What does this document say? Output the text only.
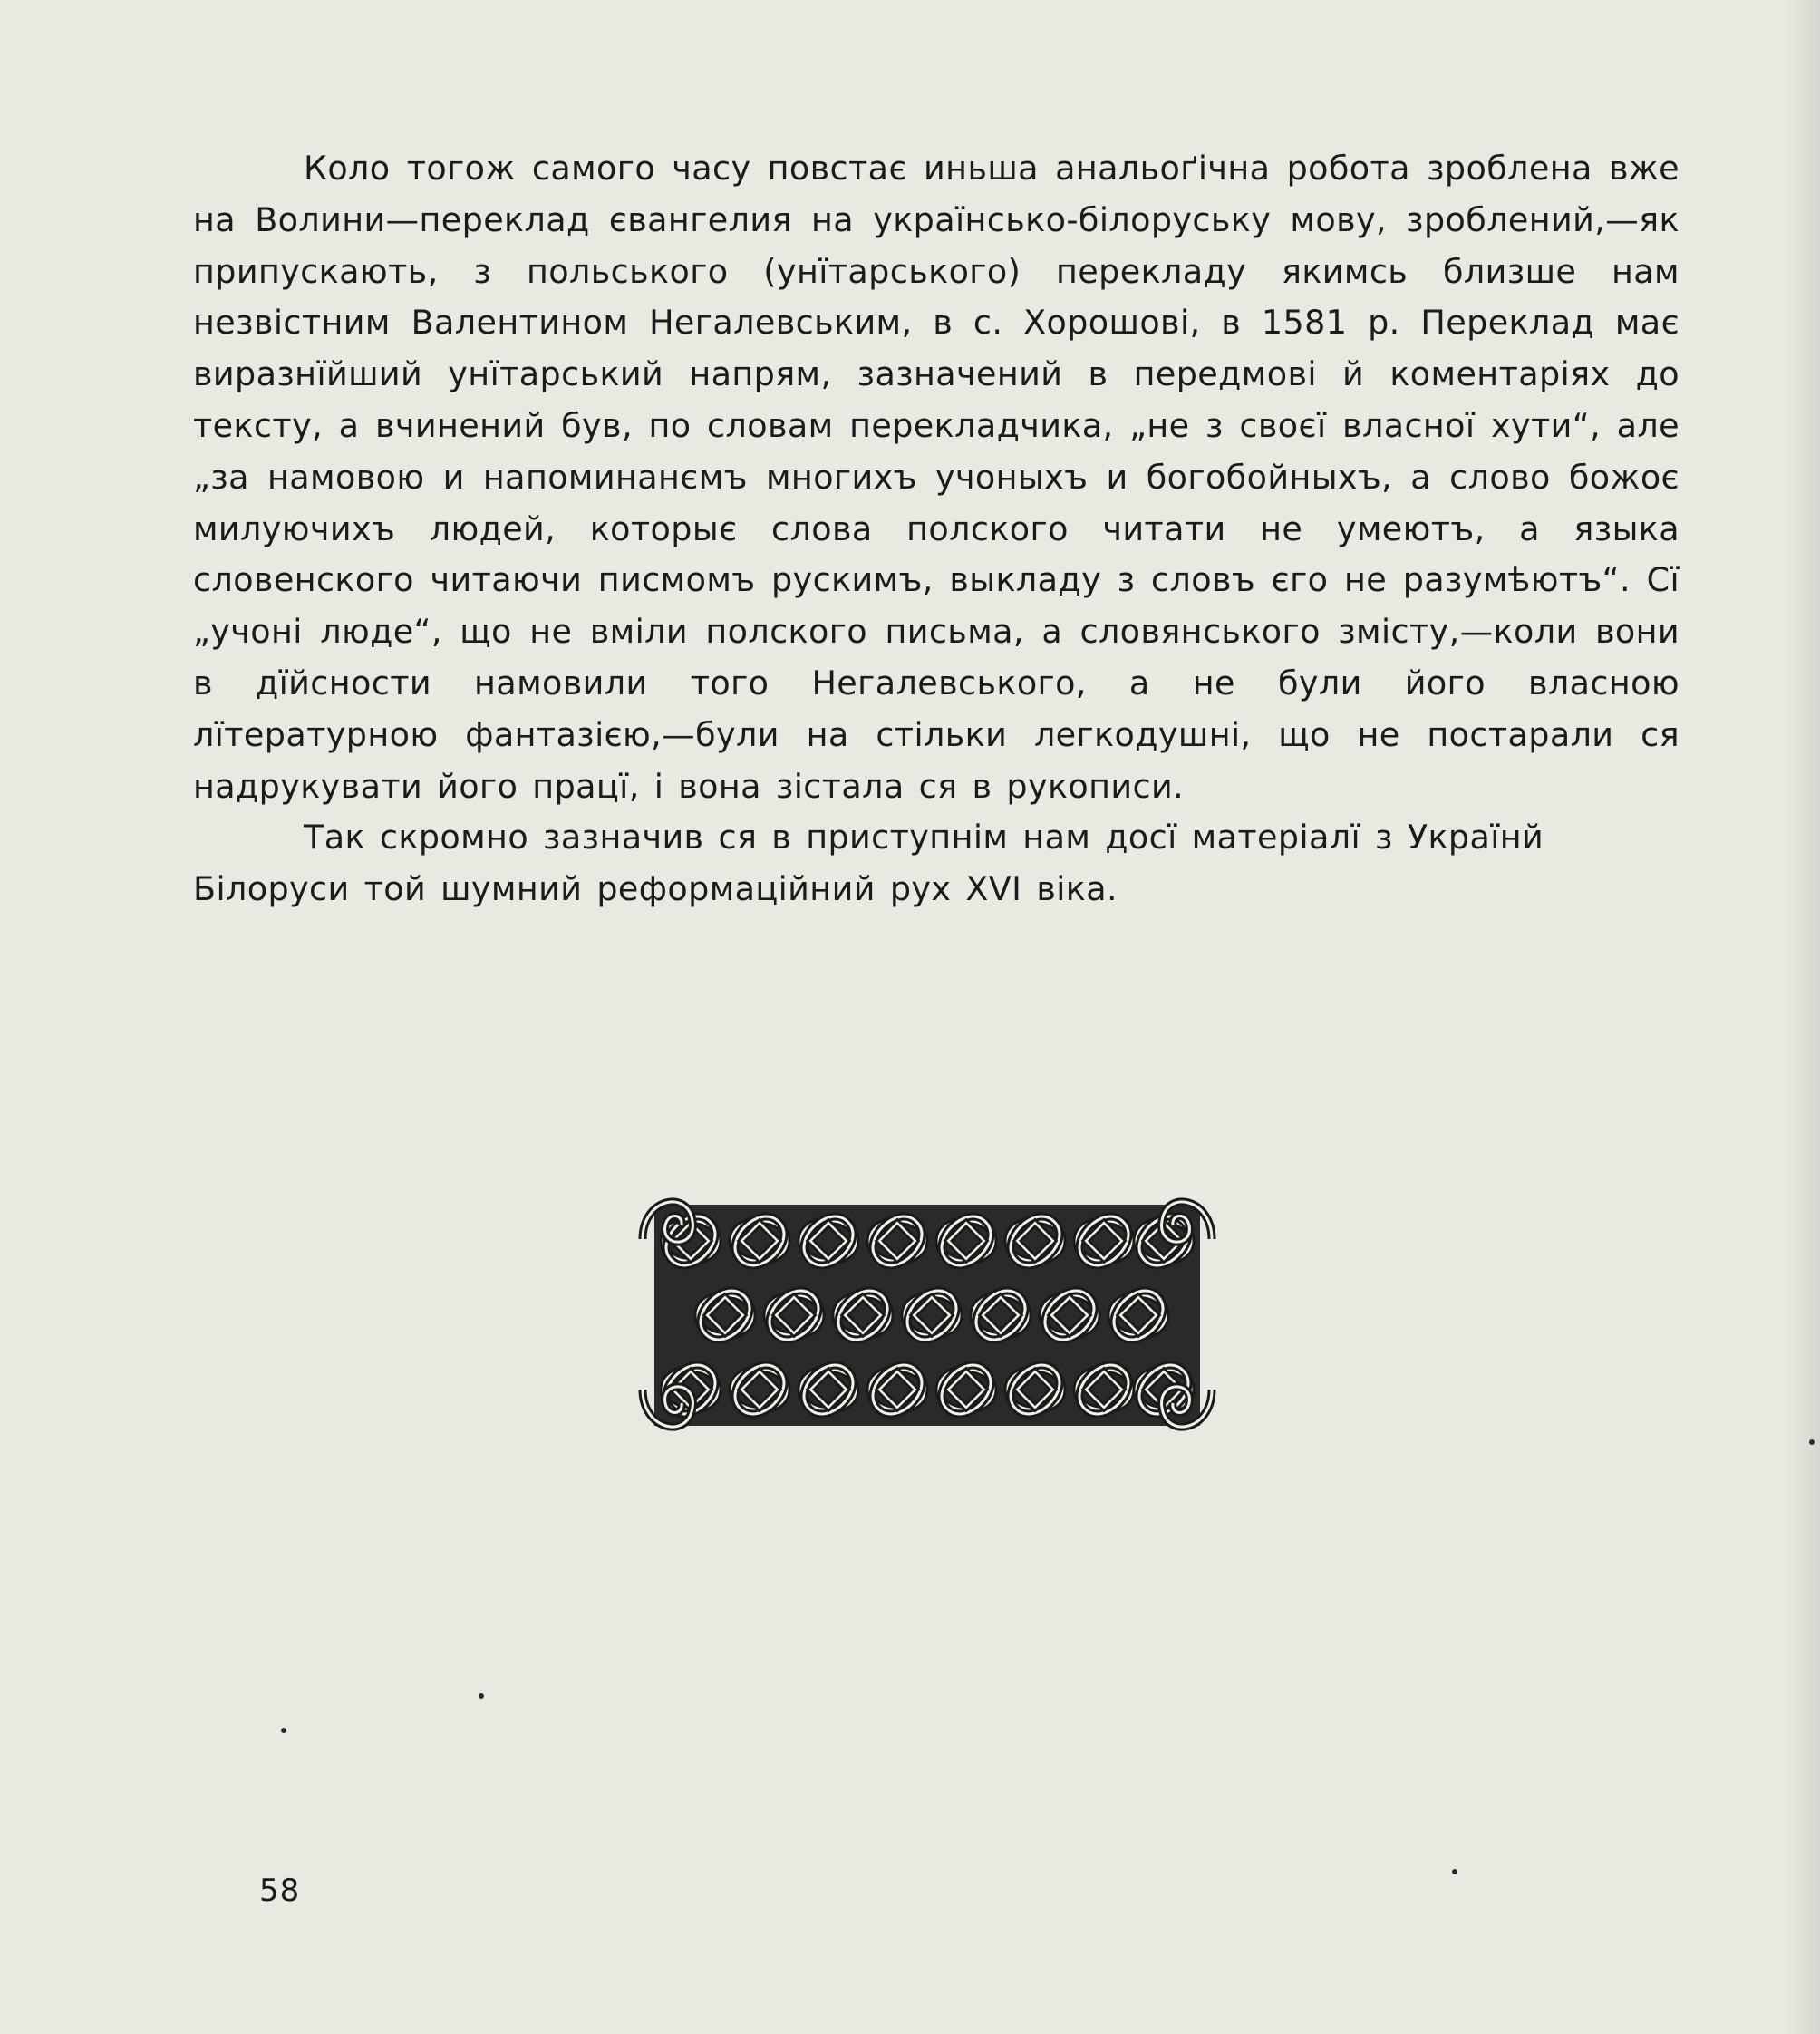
Коло тогож самого часу повстає иньша анальоґічна робота зроблена вже на Волини—переклад євангелия на українсько-білоруську мову, зроблений,—як припускають, з польського (унїтарського) перекладу якимсь близше нам незвістним Валентином Негалевським, в с. Хорошові, в 1581 р. Переклад має виразнїйший унїтарський напрям, зазначений в передмові й коментаріях до тексту, а вчинений був, по словам перекладчика, „не з своєї власної хути“, але „за намовою и напоминанємъ многихъ учоныхъ и богобойныхъ, а слово божоє милуючихъ людей, которыє слова полского читати не умеютъ, а языка словенского читаючи писмомъ рускимъ, выкладу з словъ єго не разумѣютъ“. Сї „учоні люде“, що не вміли полского письма, а словянського змісту,—коли вони в дїйсности намовили того Негалевського, а не були його власною лїтературною фантазією,—були на стільки легкодушні, що не постарали ся надрукувати його працї, і вона зістала ся в рукописи.

Так скромно зазначив ся в приступнім нам досї матеріалї з Українй Білоруси той шумний реформаційний рух XVI віка.

58
